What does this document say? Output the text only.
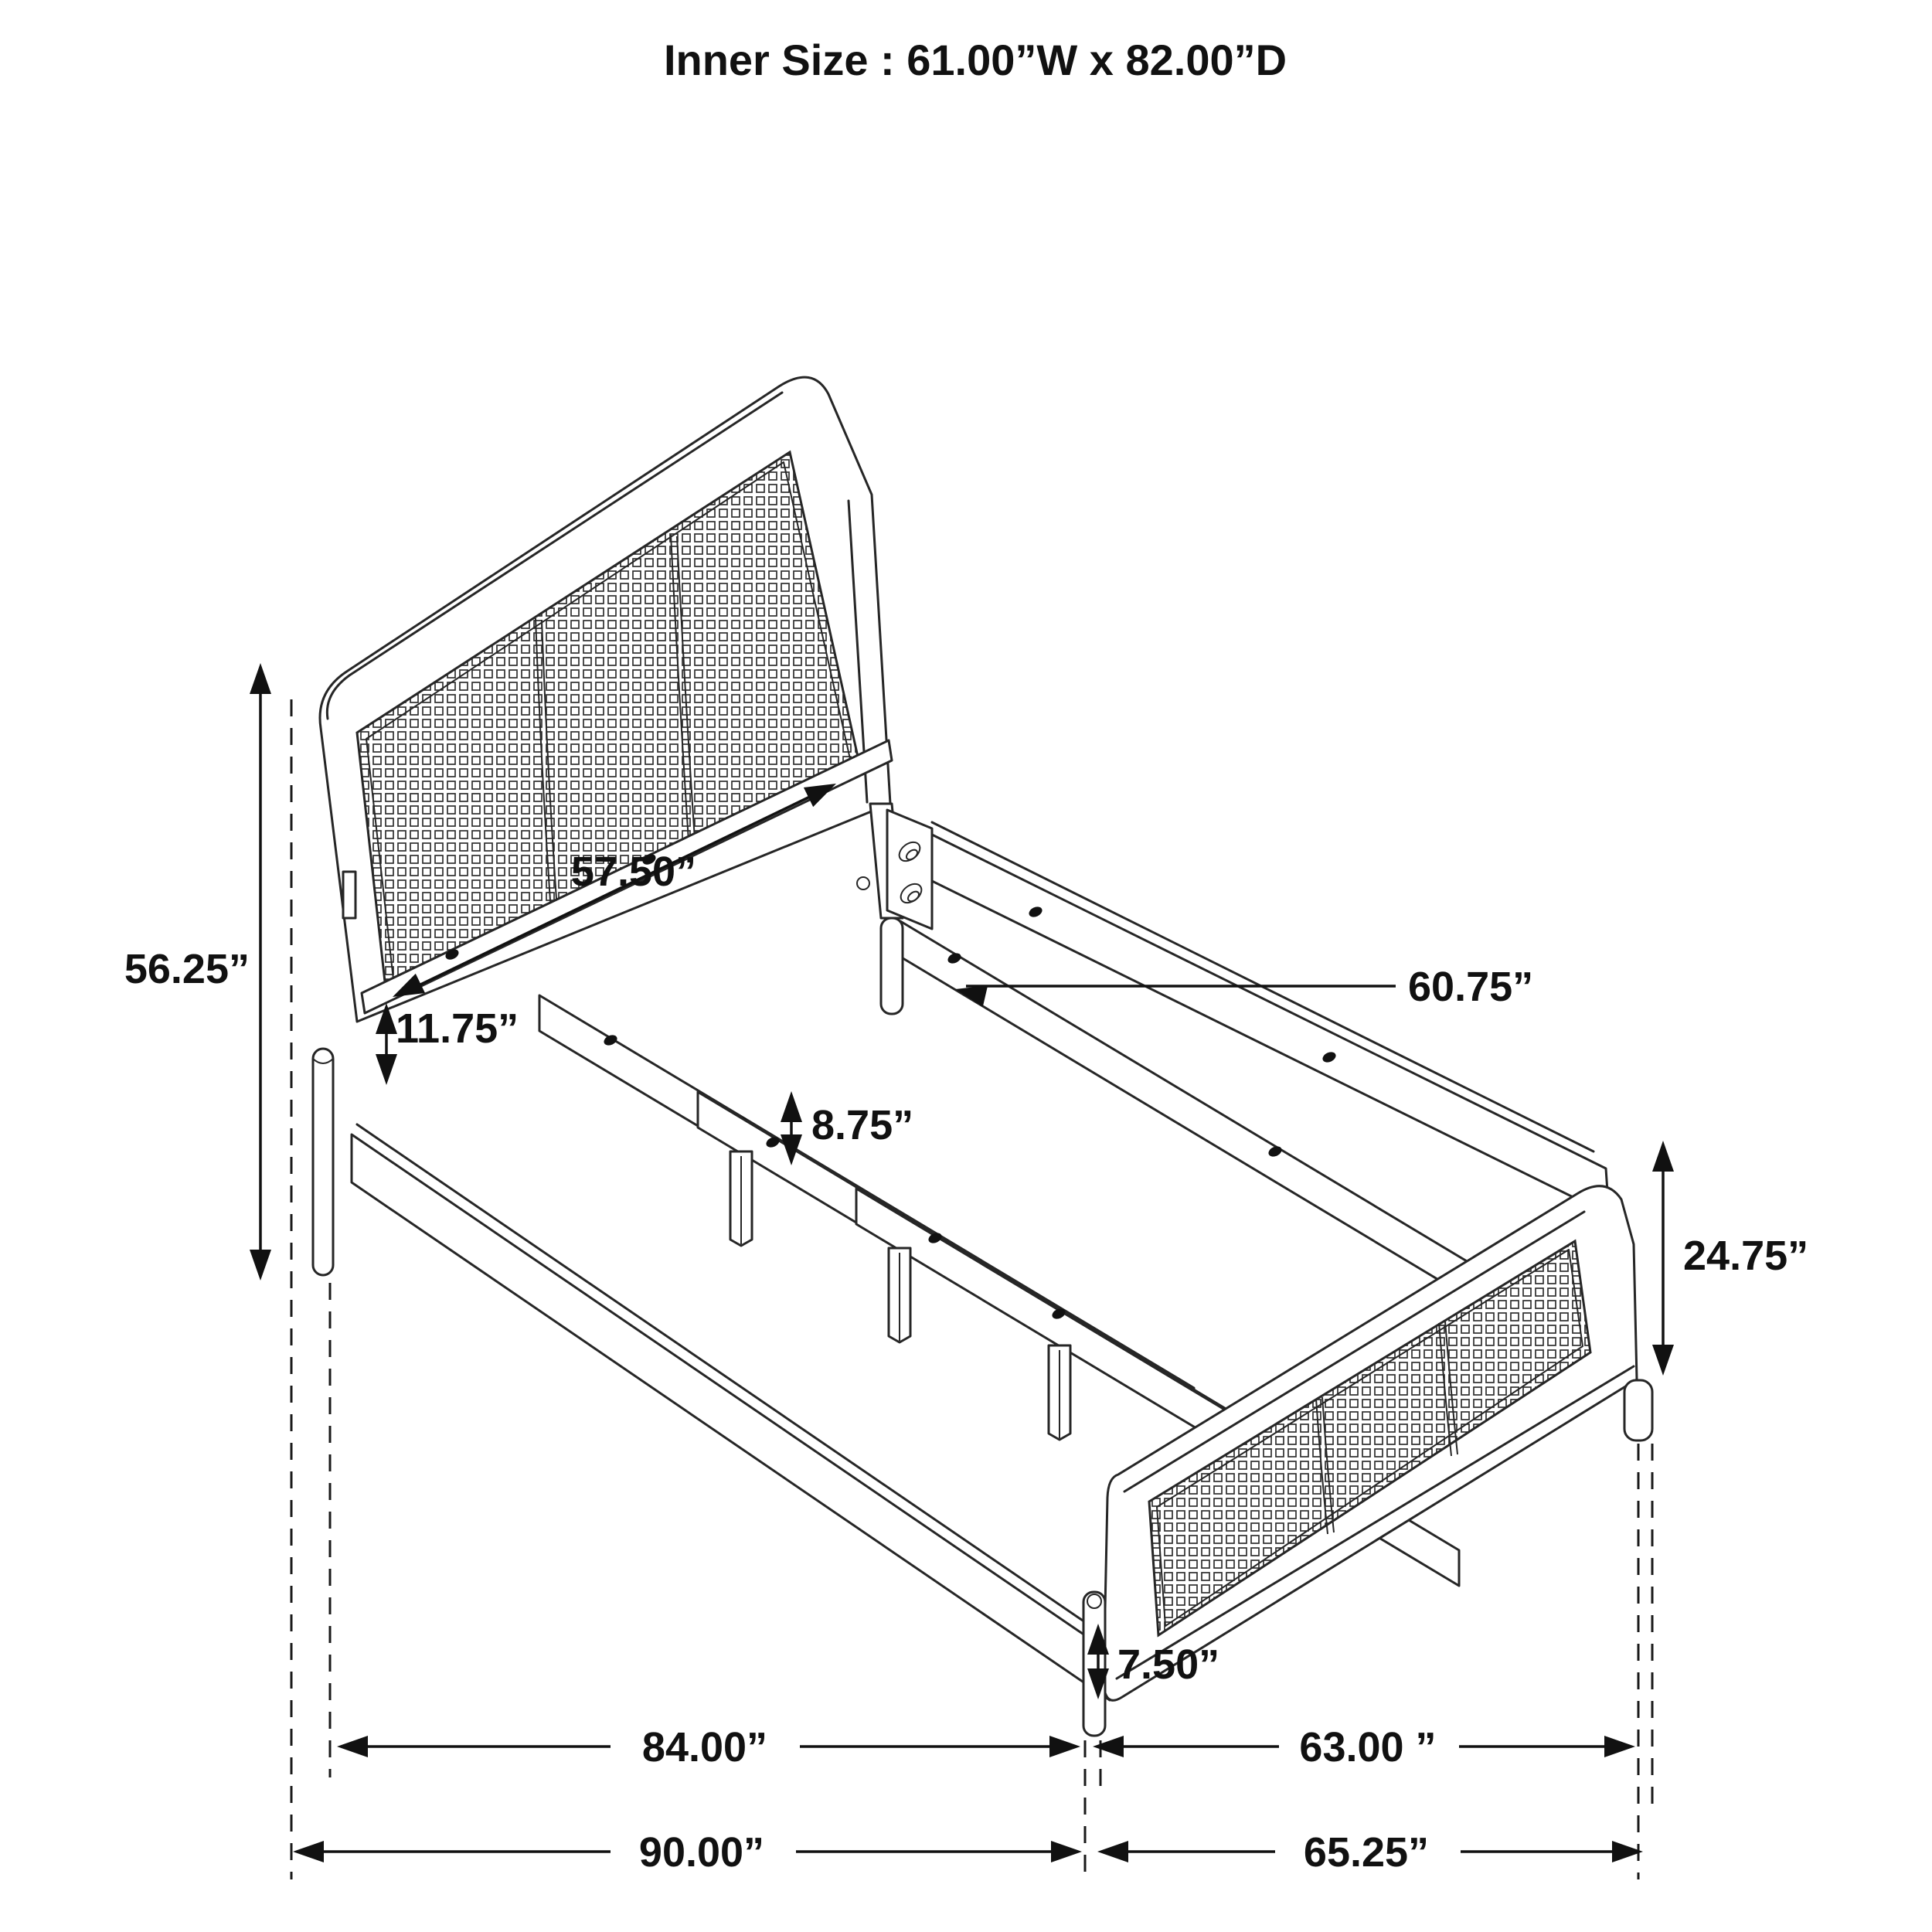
56.25”
57.50”
11.75”
8.75”
60.75”
24.75”
7.50”
84.00”	63.00 ”
90.00”	65.25”
Inner Size : 61.00”W x 82.00”D
